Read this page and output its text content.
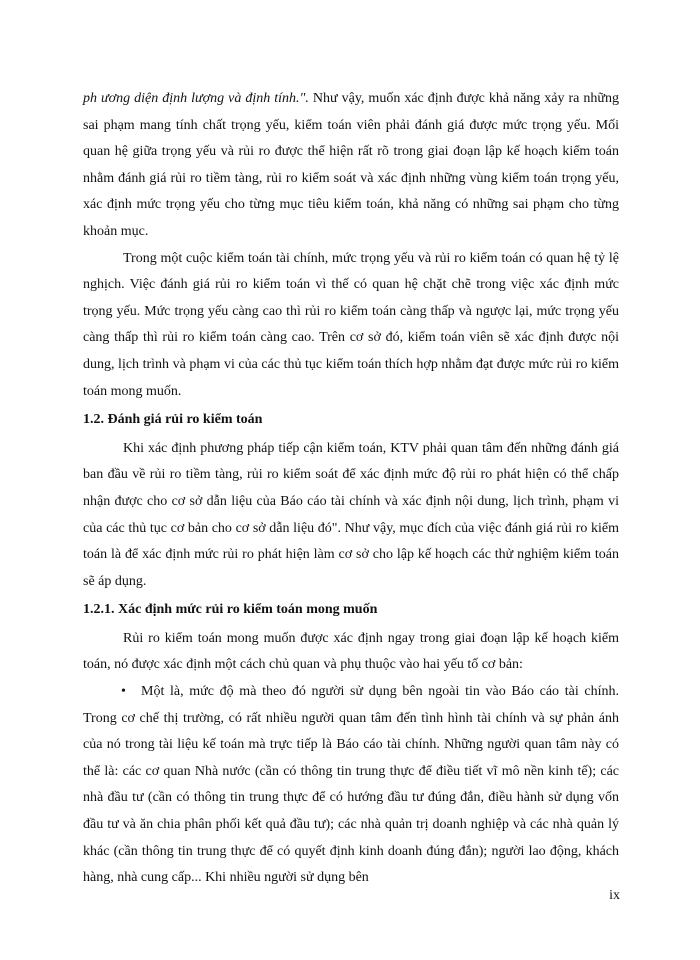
ph ương diện định lượng và định tính.". Như vậy, muốn xác định được khả năng xảy ra những sai phạm mang tính chất trọng yếu, kiểm toán viên phải đánh giá được mức trọng yếu. Mối quan hệ giữa trọng yếu và rủi ro được thể hiện rất rõ trong giai đoạn lập kế hoạch kiểm toán nhằm đánh giá rủi ro tiềm tàng, rủi ro kiểm soát và xác định những vùng kiểm toán trọng yếu, xác định mức trọng yếu cho từng mục tiêu kiểm toán, khả năng có những sai phạm cho từng khoản mục.

Trong một cuộc kiểm toán tài chính, mức trọng yếu và rủi ro kiểm toán có quan hệ tỷ lệ nghịch. Việc đánh giá rủi ro kiểm toán vì thế có quan hệ chặt chẽ trong việc xác định mức trọng yếu. Mức trọng yếu càng cao thì rủi ro kiểm toán càng thấp và ngược lại, mức trọng yếu càng thấp thì rủi ro kiểm toán càng cao. Trên cơ sở đó, kiểm toán viên sẽ xác định được nội dung, lịch trình và phạm vi của các thủ tục kiểm toán thích hợp nhằm đạt được mức rủi ro kiểm toán mong muốn.

1.2. Đánh giá rủi ro kiểm toán

Khi xác định phương pháp tiếp cận kiểm toán, KTV phải quan tâm đến những đánh giá ban đầu về rủi ro tiềm tàng, rủi ro kiểm soát để xác định mức độ rủi ro phát hiện có thể chấp nhận được cho cơ sở dẫn liệu của Báo cáo tài chính và xác định nội dung, lịch trình, phạm vi của các thủ tục cơ bản cho cơ sở dẫn liệu đó". Như vậy, mục đích của việc đánh giá rủi ro kiểm toán là để xác định mức rủi ro phát hiện làm cơ sở cho lập kế hoạch các thử nghiệm kiểm toán sẽ áp dụng.

1.2.1. Xác định mức rủi ro kiểm toán mong muốn

Rủi ro kiểm toán mong muốn được xác định ngay trong giai đoạn lập kế hoạch kiểm toán, nó được xác định một cách chủ quan và phụ thuộc vào hai yếu tố cơ bản:

• Một là, mức độ mà theo đó người sử dụng bên ngoài tin vào Báo cáo tài chính. Trong cơ chế thị trường, có rất nhiều người quan tâm đến tình hình tài chính và sự phản ánh của nó trong tài liệu kế toán mà trực tiếp là Báo cáo tài chính. Những người quan tâm này có thể là: các cơ quan Nhà nước (cần có thông tin trung thực để điều tiết vĩ mô nền kinh tế); các nhà đầu tư (cần có thông tin trung thực để có hướng đầu tư đúng đắn, điều hành sử dụng vốn đầu tư và ăn chia phân phối kết quả đầu tư); các nhà quản trị doanh nghiệp và các nhà quản lý khác (cần thông tin trung thực để có quyết định kinh doanh đúng đắn); người lao động, khách hàng, nhà cung cấp... Khi nhiều người sử dụng bên

ix
